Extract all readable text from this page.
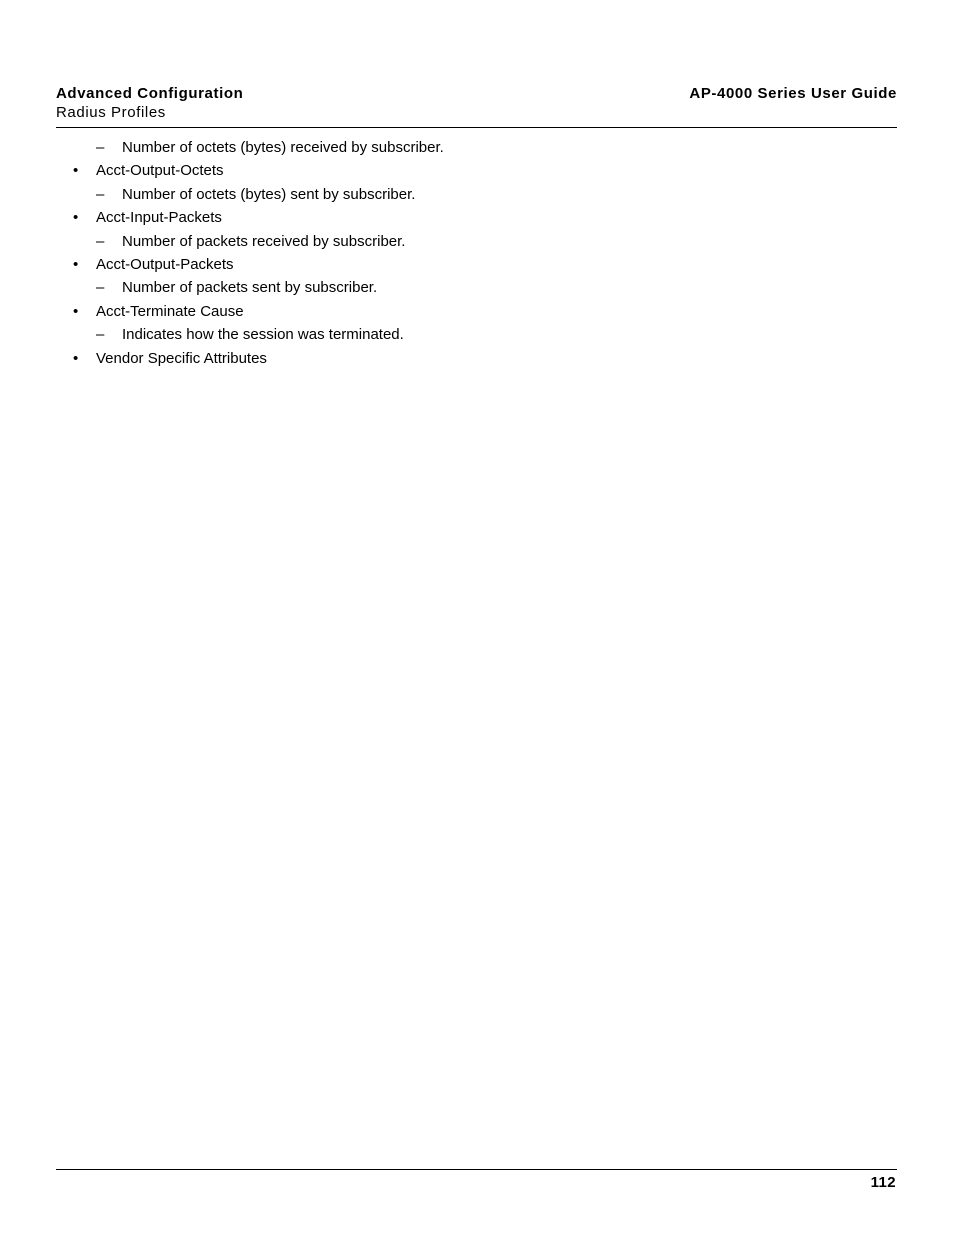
Advanced Configuration
Radius Profiles
AP-4000 Series User Guide
– Number of octets (bytes) received by subscriber.
• Acct-Output-Octets
– Number of octets (bytes) sent by subscriber.
• Acct-Input-Packets
– Number of packets received by subscriber.
• Acct-Output-Packets
– Number of packets sent by subscriber.
• Acct-Terminate Cause
– Indicates how the session was terminated.
• Vendor Specific Attributes
112
